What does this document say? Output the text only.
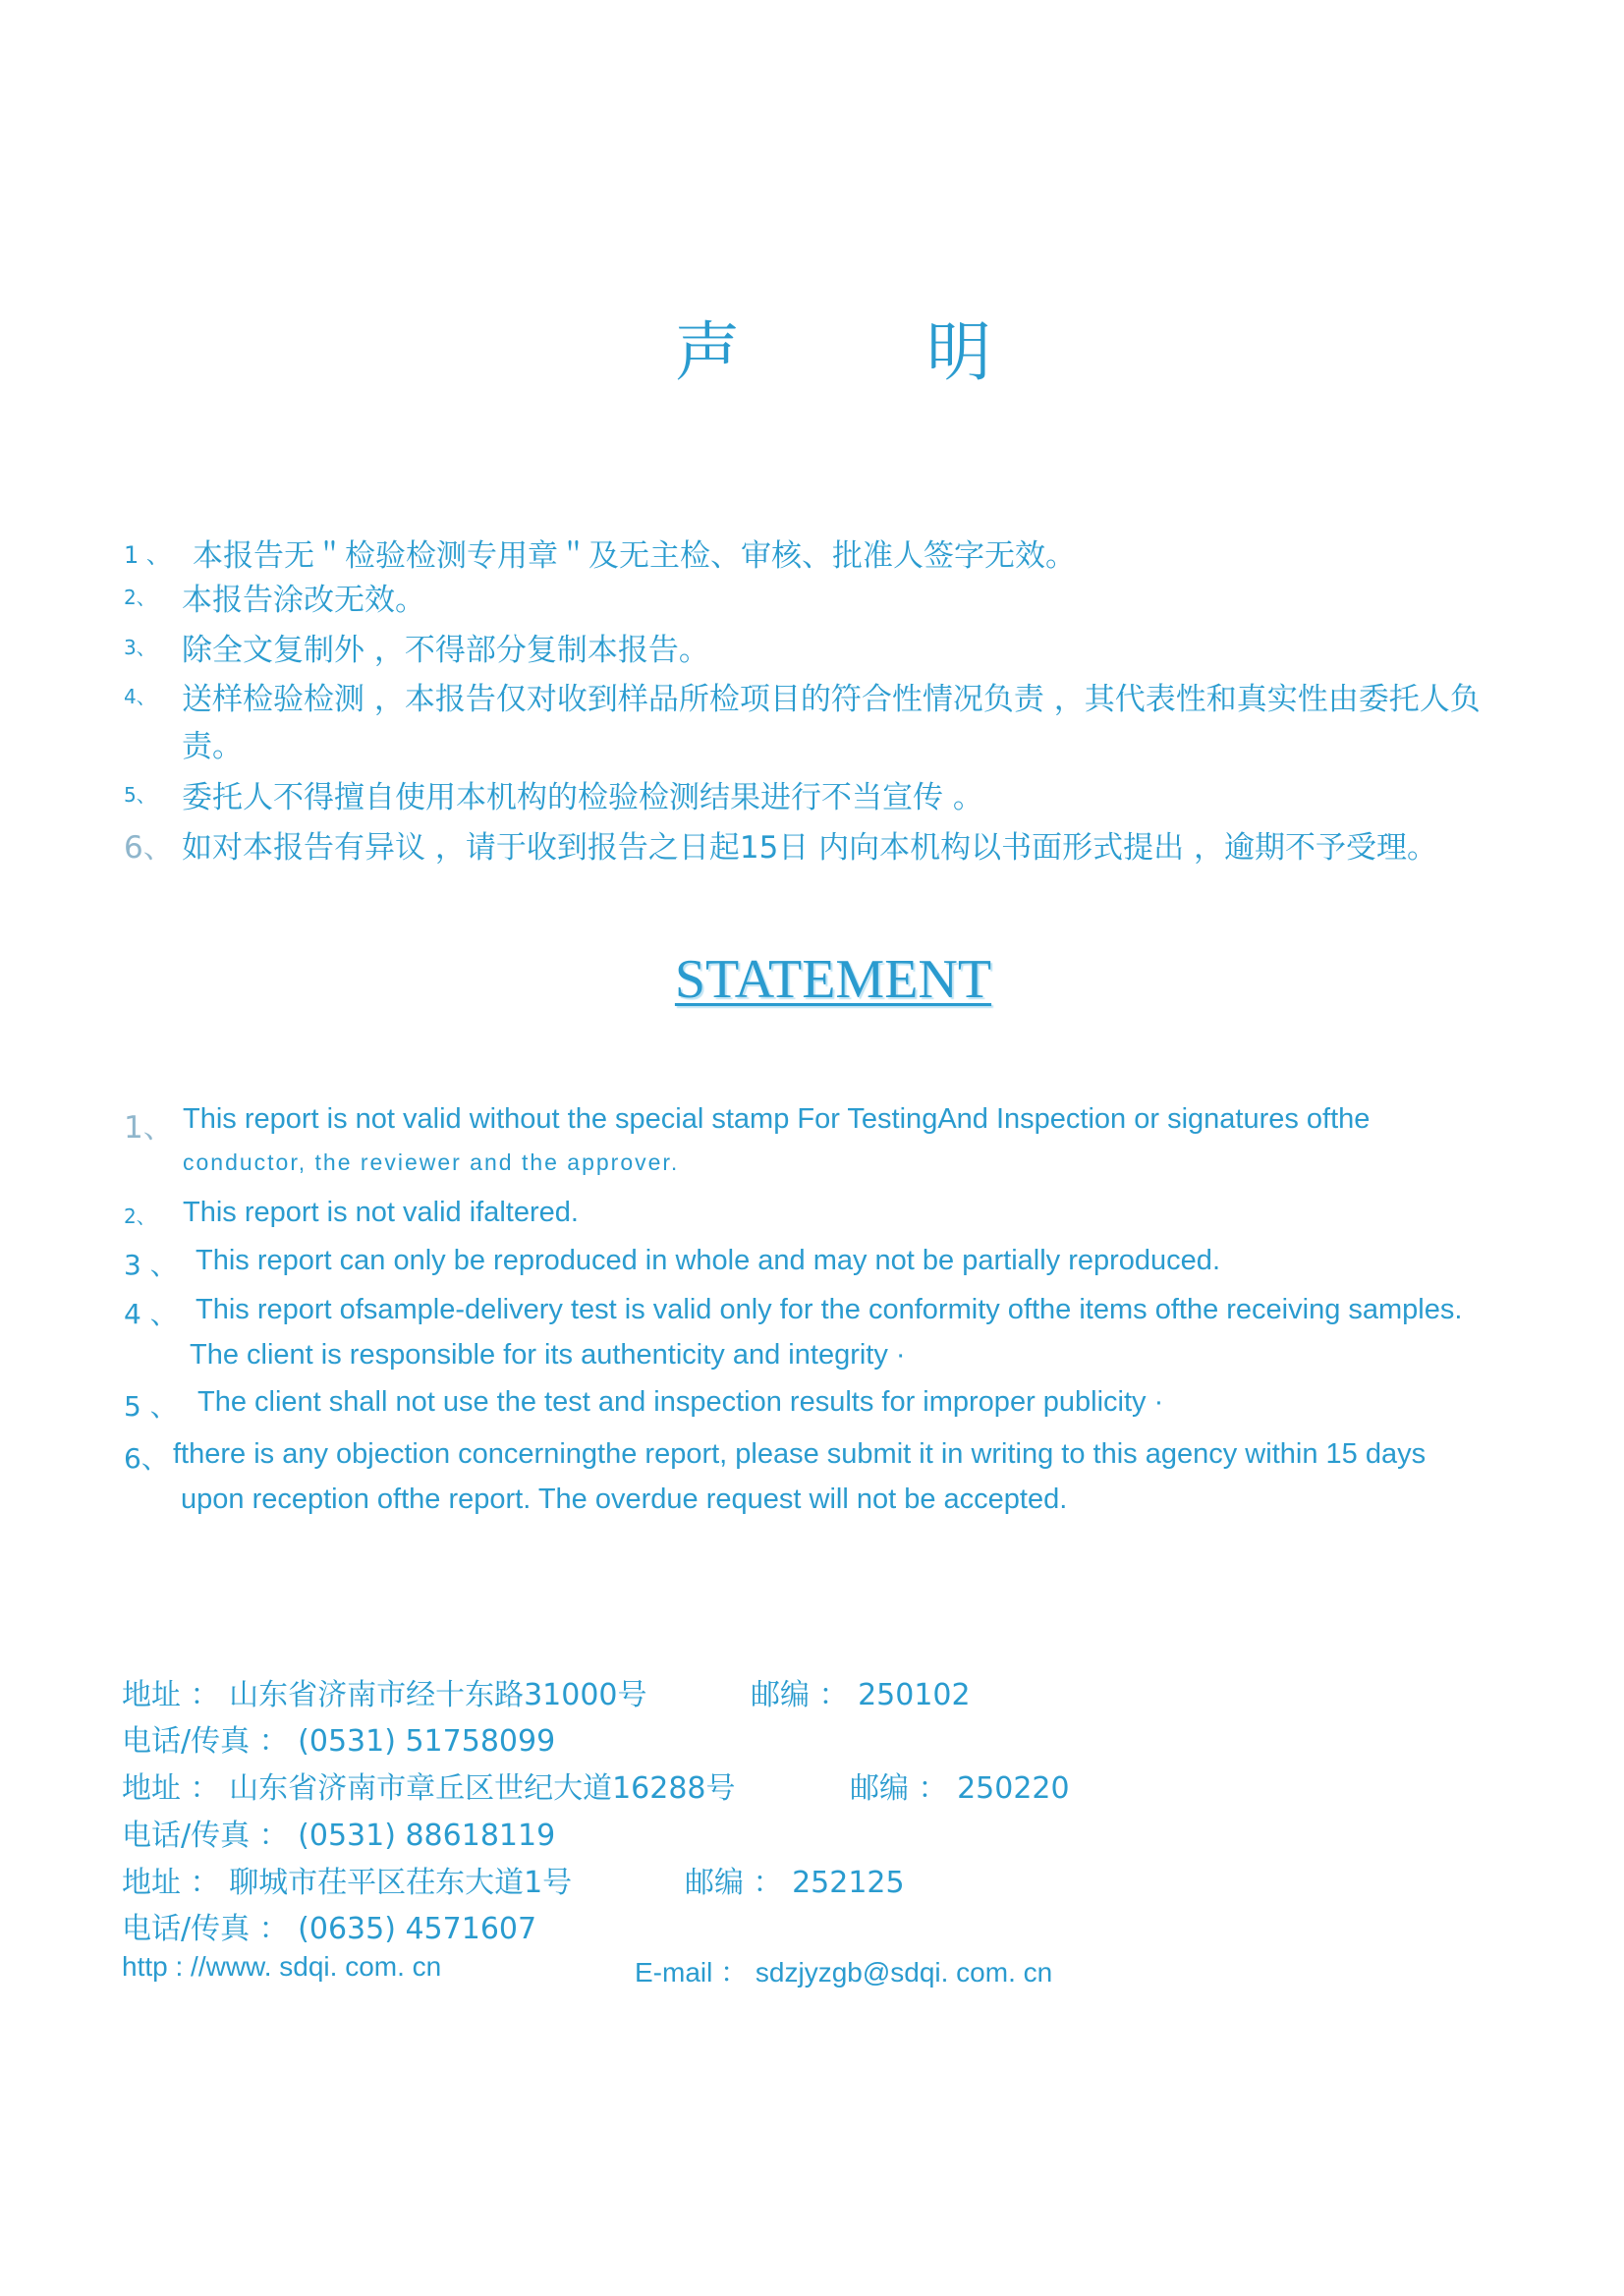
声	明
1 、 本报告无＂检验检测专用章＂及无主检、审核、批准人签字无效。
2、 本报告涂改无效。
3、 除全文复制外 ，不得部分复制本报告。
4、 送样检验检测 ，本报告仅对收到样品所检项目的符合性情况负责 ，其代表性和真实性由委托人负
责。
5、 委托人不得擅自使用本机构的检验检测结果进行不当宣传 。
6、 如对本报告有异议 ，请于收到报告之日起15日 内向本机构以书面形式提出 ，逾期不予受理。
STATEMENT
1、 This report is not valid without the special stamp For TestingAnd Inspection or signatures ofthe
conductor, the reviewer and the approver.
2、 This report is not valid ifaltered.
3 、 This report can only be reproduced in whole and may not be partially reproduced.
4 、 This report ofsample-delivery test is valid only for the conformity ofthe items ofthe receiving samples.
The client is responsible for its authenticity and integrity ·
5 、 The client shall not use the test and inspection results for improper publicity ·
6、 fthere is any objection concerningthe report, please submit it in writing to this agency within 15 days
upon reception ofthe report. The overdue request will not be accepted.
地址 ： 山东省济南市经十东路31000号	邮编 ： 250102
电话/传真 ： (0531) 51758099
地址 ： 山东省济南市章丘区世纪大道16288号	邮编 ： 250220
电话/传真 ： (0531) 88618119
地址 ： 聊城市茌平区茌东大道1号	邮编 ： 252125
电话/传真 ： (0635) 4571607
http : //www. sdqi. com. cn	E-mail ： sdzjyzgb@sdqi. com. cn
